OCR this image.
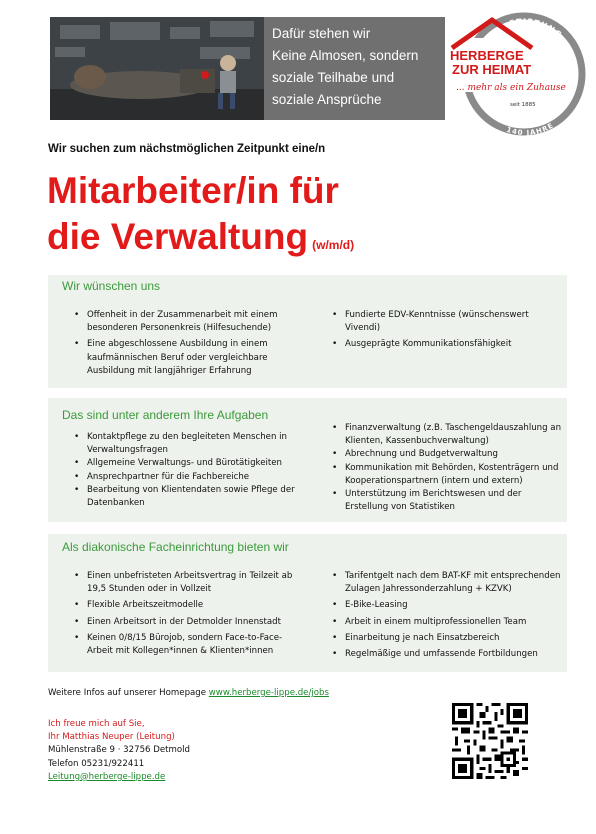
Dafür stehen wir
Keine Almosen, sondern
soziale Teilhabe und
soziale Ansprüche
STIFTUNG
140 JAHRE
HERBERGE
ZUR HEIMAT
... mehr als ein Zuhause
seit 1885
Wir suchen zum nächstmöglichen Zeitpunkt eine/n
Mitarbeiter/in für
die Verwaltung (w/m/d)
Wir wünschen uns
• Offenheit in der Zusammenarbeit mit einem besonderen Personenkreis (Hilfesuchende)
• Eine abgeschlossene Ausbildung in einem kaufmännischen Beruf oder vergleichbare Ausbildung mit langjähriger Erfahrung
• Fundierte EDV-Kenntnisse (wünschenswert Vivendi)
• Ausgeprägte Kommunikationsfähigkeit
Das sind unter anderem Ihre Aufgaben
• Kontaktpflege zu den begleiteten Menschen in Verwaltungsfragen
• Allgemeine Verwaltungs- und Bürotätigkeiten
• Ansprechpartner für die Fachbereiche
• Bearbeitung von Klientendaten sowie Pflege der Datenbanken
• Finanzverwaltung (z.B. Taschengeldauszahlung an Klienten, Kassenbuchverwaltung)
• Abrechnung und Budgetverwaltung
• Kommunikation mit Behörden, Kostenträgern und Kooperationspartnern (intern und extern)
• Unterstützung im Berichtswesen und der Erstellung von Statistiken
Als diakonische Facheinrichtung bieten wir
• Einen unbefristeten Arbeitsvertrag in Teilzeit ab 19,5 Stunden oder in Vollzeit
• Flexible Arbeitszeitmodelle
• Einen Arbeitsort in der Detmolder Innenstadt
• Keinen 0/8/15 Bürojob, sondern Face-to-Face-Arbeit mit Kollegen*innen & Klienten*innen
• Tarifentgelt nach dem BAT-KF mit entsprechenden Zulagen Jahressonderzahlung + KZVK)
• E-Bike-Leasing
• Arbeit in einem multiprofessionellen Team
• Einarbeitung je nach Einsatzbereich
• Regelmäßige und umfassende Fortbildungen
Weitere Infos auf unserer Homepage www.herberge-lippe.de/jobs
Ich freue mich auf Sie,
Ihr Matthias Neuper (Leitung)
Mühlenstraße 9 · 32756 Detmold
Telefon 05231/922411
Leitung@herberge-lippe.de
